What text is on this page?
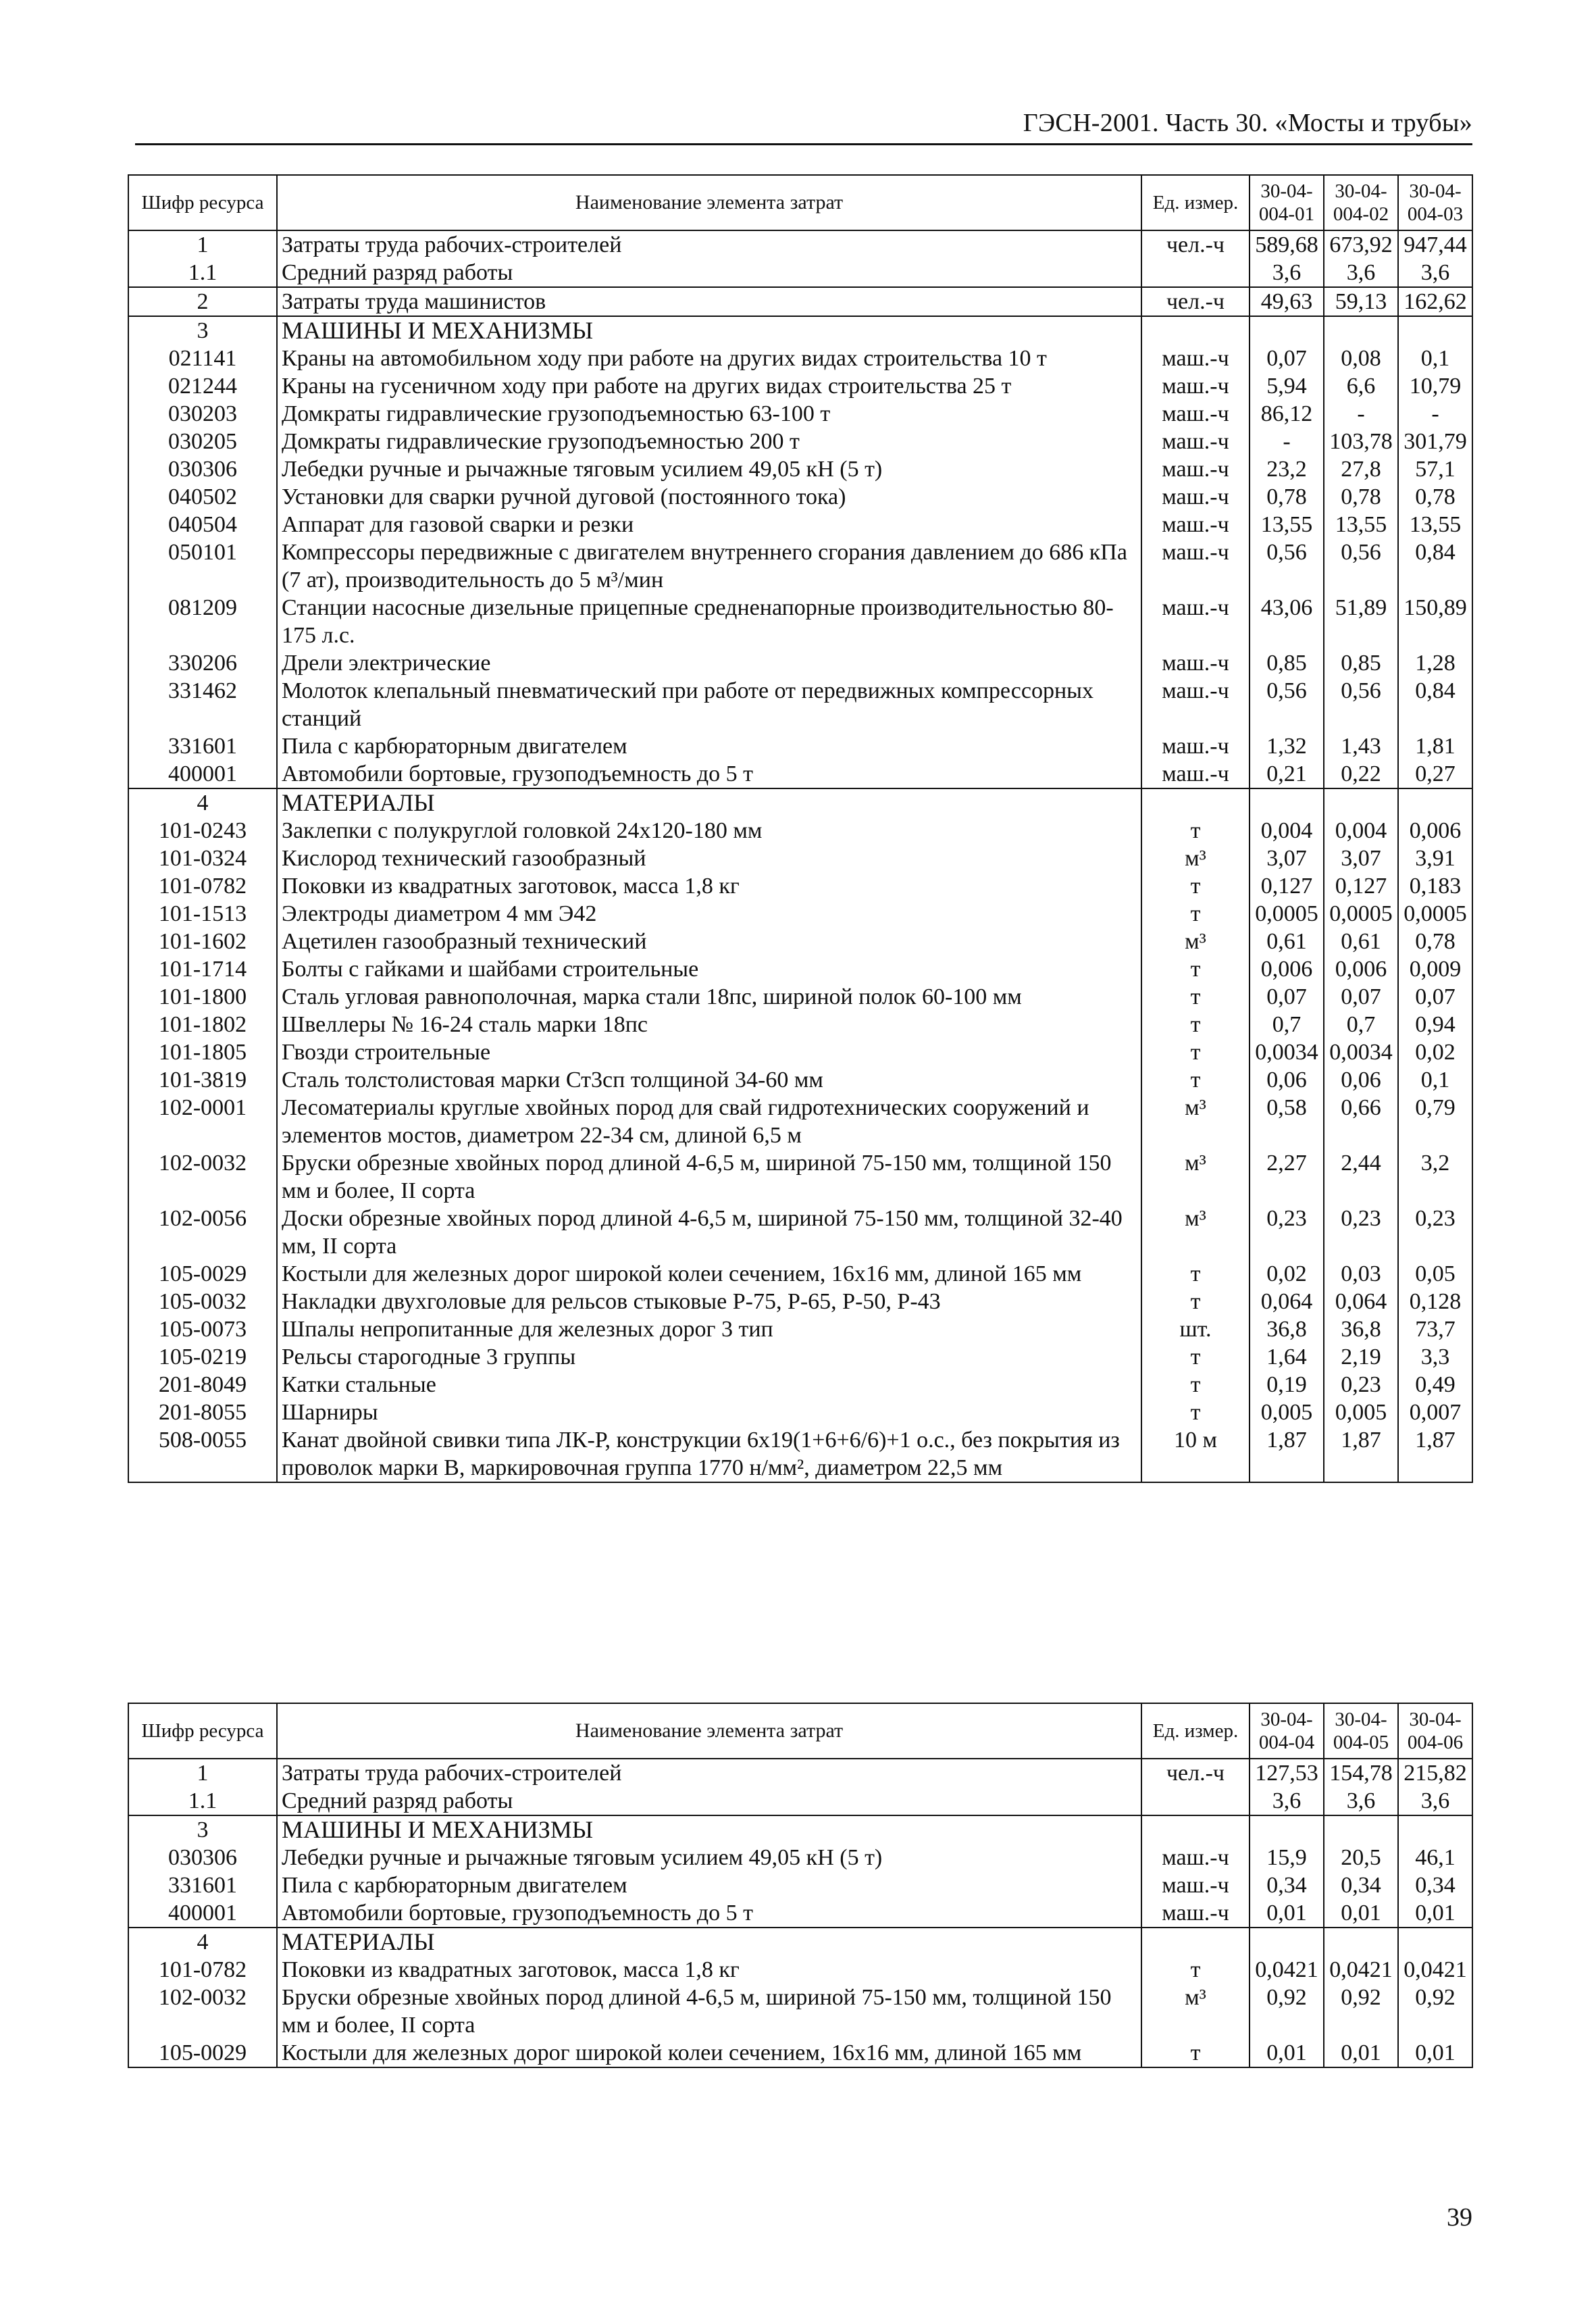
ГЭСН-2001. Часть 30. «Мосты и трубы»
Шифр ресурса	Наименование элемента затрат	Ед. измер.	30-04-004-01	30-04-004-02	30-04-004-03
1	Затраты труда рабочих-строителей	чел.-ч	589,68	673,92	947,44
1.1	Средний разряд работы		3,6	3,6	3,6
2	Затраты труда машинистов	чел.-ч	49,63	59,13	162,62
3	МАШИНЫ И МЕХАНИЗМЫ				
021141	Краны на автомобильном ходу при работе на других видах строительства 10 т	маш.-ч	0,07	0,08	0,1
021244	Краны на гусеничном ходу при работе на других видах строительства 25 т	маш.-ч	5,94	6,6	10,79
030203	Домкраты гидравлические грузоподъемностью 63-100 т	маш.-ч	86,12	-	-
030205	Домкраты гидравлические грузоподъемностью 200 т	маш.-ч	-	103,78	301,79
030306	Лебедки ручные и рычажные тяговым усилием 49,05 кН (5 т)	маш.-ч	23,2	27,8	57,1
040502	Установки для сварки ручной дуговой (постоянного тока)	маш.-ч	0,78	0,78	0,78
040504	Аппарат для газовой сварки и резки	маш.-ч	13,55	13,55	13,55
050101	Компрессоры передвижные с двигателем внутреннего сгорания давлением до 686 кПа (7 ат), производительность до 5 м³/мин	маш.-ч	0,56	0,56	0,84
081209	Станции насосные дизельные прицепные средненапорные производительностью 80-175 л.с.	маш.-ч	43,06	51,89	150,89
330206	Дрели электрические	маш.-ч	0,85	0,85	1,28
331462	Молоток клепальный пневматический при работе от передвижных компрессорных станций	маш.-ч	0,56	0,56	0,84
331601	Пила с карбюраторным двигателем	маш.-ч	1,32	1,43	1,81
400001	Автомобили бортовые, грузоподъемность до 5 т	маш.-ч	0,21	0,22	0,27
4	МАТЕРИАЛЫ				
101-0243	Заклепки с полукруглой головкой 24х120-180 мм	т	0,004	0,004	0,006
101-0324	Кислород технический газообразный	м³	3,07	3,07	3,91
101-0782	Поковки из квадратных заготовок, масса 1,8 кг	т	0,127	0,127	0,183
101-1513	Электроды диаметром 4 мм Э42	т	0,0005	0,0005	0,0005
101-1602	Ацетилен газообразный технический	м³	0,61	0,61	0,78
101-1714	Болты с гайками и шайбами строительные	т	0,006	0,006	0,009
101-1800	Сталь угловая равнополочная, марка стали 18пс, шириной полок 60-100 мм	т	0,07	0,07	0,07
101-1802	Швеллеры № 16-24 сталь марки 18пс	т	0,7	0,7	0,94
101-1805	Гвозди строительные	т	0,0034	0,0034	0,02
101-3819	Сталь толстолистовая марки Ст3сп толщиной 34-60 мм	т	0,06	0,06	0,1
102-0001	Лесоматериалы круглые хвойных пород для свай гидротехнических сооружений и элементов мостов, диаметром 22-34 см, длиной 6,5 м	м³	0,58	0,66	0,79
102-0032	Бруски обрезные хвойных пород длиной 4-6,5 м, шириной 75-150 мм, толщиной 150 мм и более, II сорта	м³	2,27	2,44	3,2
102-0056	Доски обрезные хвойных пород длиной 4-6,5 м, шириной 75-150 мм, толщиной 32-40 мм, II сорта	м³	0,23	0,23	0,23
105-0029	Костыли для железных дорог широкой колеи сечением, 16х16 мм, длиной 165 мм	т	0,02	0,03	0,05
105-0032	Накладки двухголовые для рельсов стыковые Р-75, Р-65, Р-50, Р-43	т	0,064	0,064	0,128
105-0073	Шпалы непропитанные для железных дорог 3 тип	шт.	36,8	36,8	73,7
105-0219	Рельсы старогодные 3 группы	т	1,64	2,19	3,3
201-8049	Катки стальные	т	0,19	0,23	0,49
201-8055	Шарниры	т	0,005	0,005	0,007
508-0055	Канат двойной свивки типа ЛК-Р, конструкции 6х19(1+6+6/6)+1 о.с., без покрытия из проволок марки В, маркировочная группа 1770 н/мм², диаметром 22,5 мм	10 м	1,87	1,87	1,87
Шифр ресурса	Наименование элемента затрат	Ед. измер.	30-04-004-04	30-04-004-05	30-04-004-06
1	Затраты труда рабочих-строителей	чел.-ч	127,53	154,78	215,82
1.1	Средний разряд работы		3,6	3,6	3,6
3	МАШИНЫ И МЕХАНИЗМЫ				
030306	Лебедки ручные и рычажные тяговым усилием 49,05 кН (5 т)	маш.-ч	15,9	20,5	46,1
331601	Пила с карбюраторным двигателем	маш.-ч	0,34	0,34	0,34
400001	Автомобили бортовые, грузоподъемность до 5 т	маш.-ч	0,01	0,01	0,01
4	МАТЕРИАЛЫ				
101-0782	Поковки из квадратных заготовок, масса 1,8 кг	т	0,0421	0,0421	0,0421
102-0032	Бруски обрезные хвойных пород длиной 4-6,5 м, шириной 75-150 мм, толщиной 150 мм и более, II сорта	м³	0,92	0,92	0,92
105-0029	Костыли для железных дорог широкой колеи сечением, 16х16 мм, длиной 165 мм	т	0,01	0,01	0,01
39
